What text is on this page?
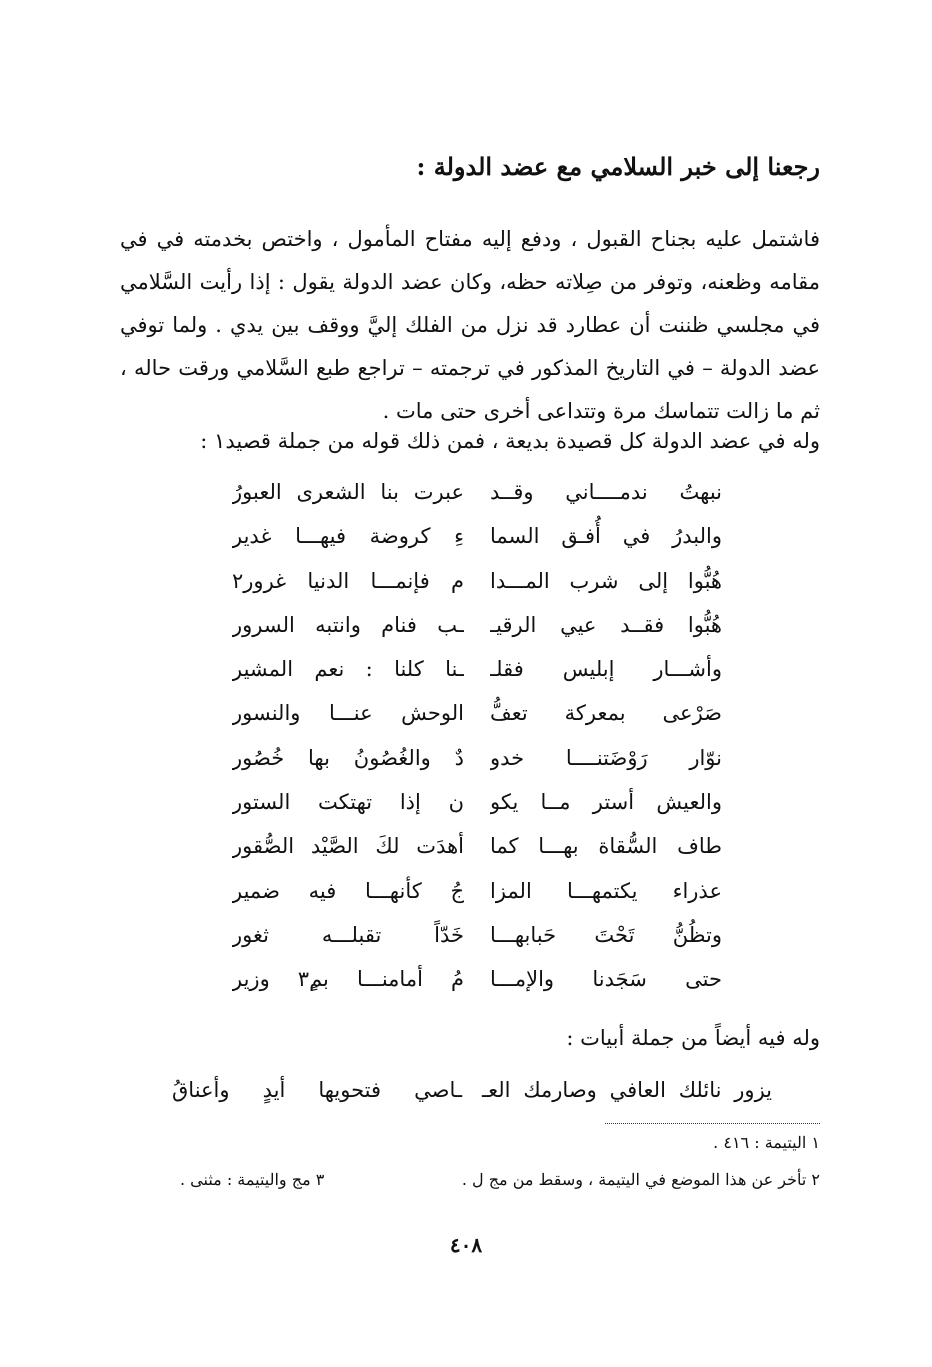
رجعنا إلى خبر السلامي مع عضد الدولة :
فاشتمل عليه بجناح القبول ، ودفع إليه مفتاح المأمول ، واختص بخدمته في في مقامه وظعنه، وتوفر من صِلاته حظه، وكان عضد الدولة يقول : إذا رأيت السَّلامي في مجلسي ظننت أن عطارد قد نزل من الفلك إليَّ ووقف بين يدي . ولما توفي عضد الدولة – في التاريخ المذكور في ترجمته – تراجع طبع السَّلامي ورقت حاله ، ثم ما زالت تتماسك مرة وتتداعى أخرى حتى مات .
وله في عضد الدولة كل قصيدة بديعة ، فمن ذلك قوله من جملة قصيد١ :
نبهتُ ندمــــاني وقــد
عبرت بنا الشعرى العبورُ
والبدرُ في أُفـق السما
ءِ كروضة فيهـــا غدير
هُبُّوا إلى شرب المـــدا
م فإنمـــا الدنيا غرور٢
هُبُّوا فقــد عيي الرقيـ
ـب فنام وانتبه السرور
وأشـــار إبليس فقلـ
ـنا كلنا : نعم المشير
صَرْعى بمعركة تعفُّ
الوحش عنـــا والنسور
نوّار رَوْضَتنــــا خدو
دٌ والغُصُونُ بها خُصُور
والعيش أستر مــا يكو
ن إذا تهتكت الستور
طاف السُّقاة بهـــا كما
أهدَت لكَ الصَّيْد الصُّقور
عذراء يكتمهـــا المزا
جُ كأنهـــا فيه ضمير
وتظُنُّ تَحْتَ حَبابهـــا
خَدّاً تقبلـــه ثغور
حتى سَجَدنا والإمـــا
مُ أمامنـــا بم٣ٍ وزير
وله فيه أيضاً من جملة أبيات :
يزور نائلك العافي وصارمك العـ
ـاصي فتحويها أيدٍ وأعناقُ
١ اليتيمة : ٤١٦ .
٢ تأخر عن هذا الموضع في اليتيمة ، وسقط من مج ل .
٣ مج واليتيمة : مثنى .
٤٠٨
